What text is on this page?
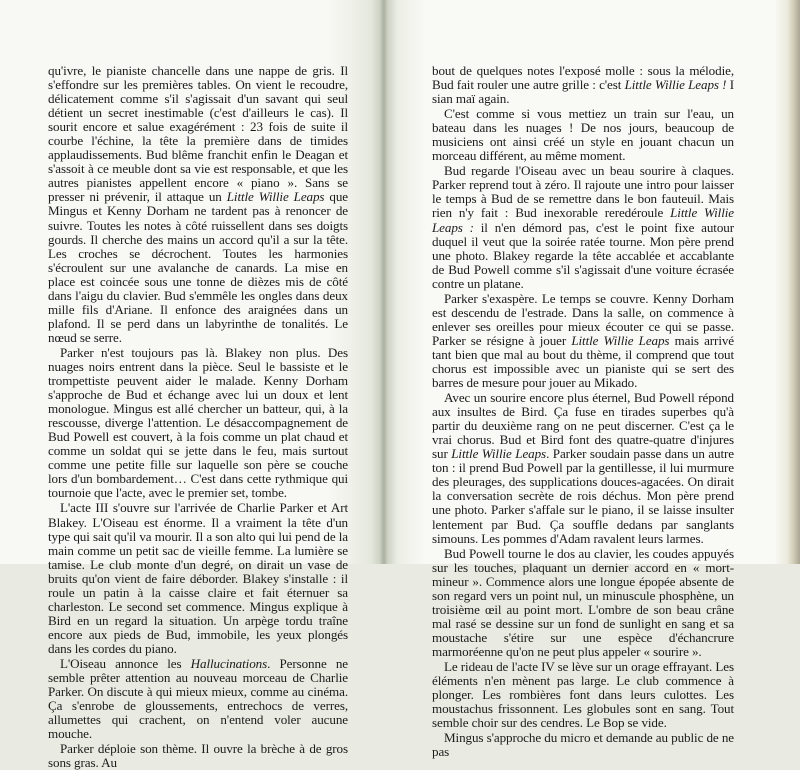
qu'ivre, le pianiste chancelle dans une nappe de gris. Il s'effondre sur les premières tables. On vient le recoudre, délicatement comme s'il s'agissait d'un savant qui seul détient un secret inestimable (c'est d'ailleurs le cas). Il sourit encore et salue exagérément : 23 fois de suite il courbe l'échine, la tête la première dans de timides applaudissements. Bud blême franchit enfin le Deagan et s'assoit à ce meuble dont sa vie est responsable, et que les autres pianistes appellent encore « piano ». Sans se presser ni prévenir, il attaque un Little Willie Leaps que Mingus et Kenny Dorham ne tardent pas à renoncer de suivre. Toutes les notes à côté ruissellent dans ses doigts gourds. Il cherche des mains un accord qu'il a sur la tête. Les croches se décrochent. Toutes les harmonies s'écroulent sur une avalanche de canards. La mise en place est coincée sous une tonne de dièzes mis de côté dans l'aigu du clavier. Bud s'emmêle les ongles dans deux mille fils d'Ariane. Il enfonce des araignées dans un plafond. Il se perd dans un labyrinthe de tonalités. Le nœud se serre.

Parker n'est toujours pas là. Blakey non plus. Des nuages noirs entrent dans la pièce. Seul le bassiste et le trompettiste peuvent aider le malade. Kenny Dorham s'approche de Bud et échange avec lui un doux et lent monologue. Mingus est allé chercher un batteur, qui, à la rescousse, diverge l'attention. Le désaccompagnement de Bud Powell est couvert, à la fois comme un plat chaud et comme un soldat qui se jette dans le feu, mais surtout comme une petite fille sur laquelle son père se couche lors d'un bombardement… C'est dans cette rythmique qui tournoie que l'acte, avec le premier set, tombe.

L'acte III s'ouvre sur l'arrivée de Charlie Parker et Art Blakey. L'Oiseau est énorme. Il a vraiment la tête d'un type qui sait qu'il va mourir. Il a son alto qui lui pend de la main comme un petit sac de vieille femme. La lumière se tamise. Le club monte d'un degré, on dirait un vase de bruits qu'on vient de faire déborder. Blakey s'installe : il roule un patin à la caisse claire et fait éternuer sa charleston. Le second set commence. Mingus explique à Bird en un regard la situation. Un arpège tordu traîne encore aux pieds de Bud, immobile, les yeux plongés dans les cordes du piano.

L'Oiseau annonce les Hallucinations. Personne ne semble prêter attention au nouveau morceau de Charlie Parker. On discute à qui mieux mieux, comme au cinéma. Ça s'enrobe de gloussements, entrechocs de verres, allumettes qui crachent, on n'entend voler aucune mouche.

Parker déploie son thème. Il ouvre la brèche à de gros sons gras. Au

bout de quelques notes l'exposé molle : sous la mélodie, Bud fait rouler une autre grille : c'est Little Willie Leaps ! I sian maï again.

C'est comme si vous mettiez un train sur l'eau, un bateau dans les nuages ! De nos jours, beaucoup de musiciens ont ainsi créé un style en jouant chacun un morceau différent, au même moment.

Bud regarde l'Oiseau avec un beau sourire à claques. Parker reprend tout à zéro. Il rajoute une intro pour laisser le temps à Bud de se remettre dans le bon fauteuil. Mais rien n'y fait : Bud inexorable reredéroule Little Willie Leaps : il n'en démord pas, c'est le point fixe autour duquel il veut que la soirée ratée tourne. Mon père prend une photo. Blakey regarde la tête accablée et accablante de Bud Powell comme s'il s'agissait d'une voiture écrasée contre un platane.

Parker s'exaspère. Le temps se couvre. Kenny Dorham est descendu de l'estrade. Dans la salle, on commence à enlever ses oreilles pour mieux écouter ce qui se passe. Parker se résigne à jouer Little Willie Leaps mais arrivé tant bien que mal au bout du thème, il comprend que tout chorus est impossible avec un pianiste qui se sert des barres de mesure pour jouer au Mikado.

Avec un sourire encore plus éternel, Bud Powell répond aux insultes de Bird. Ça fuse en tirades superbes qu'à partir du deuxième rang on ne peut discerner. C'est ça le vrai chorus. Bud et Bird font des quatre-quatre d'injures sur Little Willie Leaps. Parker soudain passe dans un autre ton : il prend Bud Powell par la gentillesse, il lui murmure des pleurages, des supplications douces-agacées. On dirait la conversation secrète de rois déchus. Mon père prend une photo. Parker s'affale sur le piano, il se laisse insulter lentement par Bud. Ça souffle dedans par sanglants simouns. Les pommes d'Adam ravalent leurs larmes.

Bud Powell tourne le dos au clavier, les coudes appuyés sur les touches, plaquant un dernier accord en « mort-mineur ». Commence alors une longue épopée absente de son regard vers un point nul, un minuscule phosphène, un troisième œil au point mort. L'ombre de son beau crâne mal rasé se dessine sur un fond de sunlight en sang et sa moustache s'étire sur une espèce d'échancrure marmoréenne qu'on ne peut plus appeler « sourire ».

Le rideau de l'acte IV se lève sur un orage effrayant. Les éléments n'en mènent pas large. Le club commence à plonger. Les rombières font dans leurs culottes. Les moustachus frissonnent. Les globules sont en sang. Tout semble choir sur des cendres. Le Bop se vide.

Mingus s'approche du micro et demande au public de ne pas
